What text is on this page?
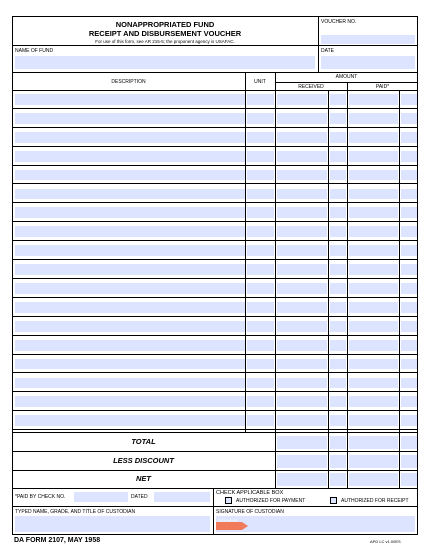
NONAPPROPRIATED FUND
RECEIPT AND DISBURSEMENT VOUCHER
For use of this form, see AR 215-5; the proponent agency is USAFAC.
VOUCHER NO.
NAME OF FUND	DATE
DESCRIPTION	UNIT
AMOUNT
RECEIVED	PAID*
TOTAL
LESS DISCOUNT
NET
*PAID BY CHECK NO.	DATED
CHECK APPLICABLE BOX
AUTHORIZED FOR PAYMENT	AUTHORIZED FOR RECEIPT
TYPED NAME, GRADE, AND TITLE OF CUSTODIAN	SIGNATURE OF CUSTODIAN
SIGN HERE
DA FORM 2107, MAY 1958	APD LC v1.00ES
